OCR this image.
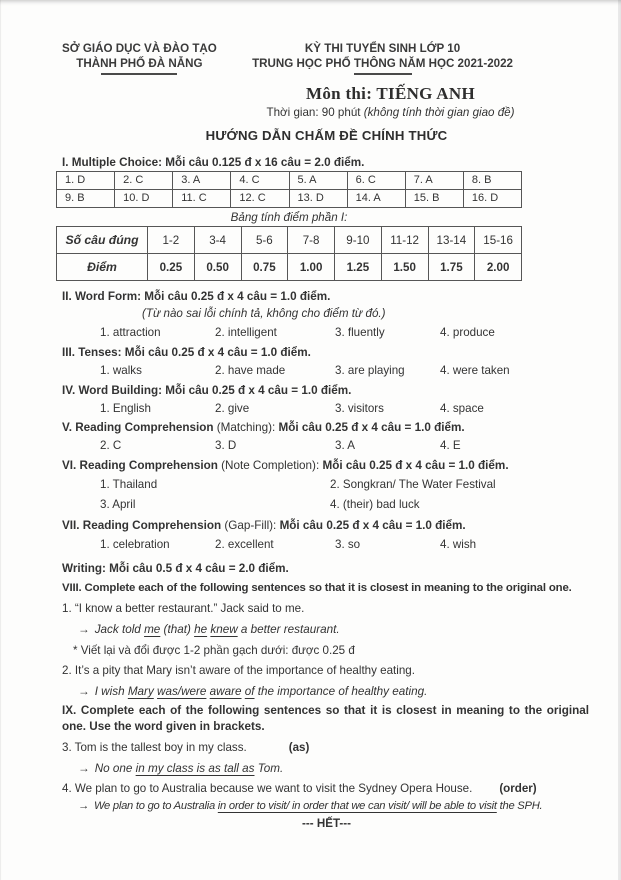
SỞ GIÁO DỤC VÀ ĐÀO TẠO
THÀNH PHỐ ĐÀ NẴNG
KỲ THI TUYỂN SINH LỚP 10
TRUNG HỌC PHỔ THÔNG NĂM HỌC 2021-2022
Môn thi: TIẾNG ANH
Thời gian: 90 phút (không tính thời gian giao đề)
HƯỚNG DẪN CHẤM ĐỀ CHÍNH THỨC

I. Multiple Choice: Mỗi câu 0.125 đ x 16 câu = 2.0 điểm.

1. D	2. C	3. A	4. C	5. A	6. C	7. A	8. B
9. B	10. D	11. C	12. C	13. D	14. A	15. B	16. D
Bảng tính điểm phần I:
Số câu đúng	1-2	3-4	5-6	7-8	9-10	11-12	13-14	15-16
Điểm	0.25	0.50	0.75	1.00	1.25	1.50	1.75	2.00

II. Word Form: Mỗi câu 0.25 đ x 4 câu = 1.0 điểm.

(Từ nào sai lỗi chính tả, không cho điểm từ đó.)

1. attraction	2. intelligent	3. fluently	4. produce

III. Tenses: Mỗi câu 0.25 đ x 4 câu = 1.0 điểm.

1. walks	2. have made	3. are playing	4. were taken

IV. Word Building: Mỗi câu 0.25 đ x 4 câu = 1.0 điểm.

1. English	2. give	3. visitors	4. space

V. Reading Comprehension (Matching): Mỗi câu 0.25 đ x 4 câu = 1.0 điểm.

2. C	3. D	3. A	4. E

VI. Reading Comprehension (Note Completion): Mỗi câu 0.25 đ x 4 câu = 1.0 điểm.

1. Thailand	2. Songkran/ The Water Festival
3. April	4. (their) bad luck

VII. Reading Comprehension (Gap-Fill): Mỗi câu 0.25 đ x 4 câu = 1.0 điểm.

1. celebration	2. excellent	3. so	4. wish

Writing: Mỗi câu 0.5 đ x 4 câu = 2.0 điểm.

VIII. Complete each of the following sentences so that it is closest in meaning to the original one.

1. “I know a better restaurant.” Jack said to me.

→ Jack told me (that) he knew a better restaurant.

* Viết lại và đổi được 1-2 phần gạch dưới: được 0.25 đ

2. It’s a pity that Mary isn’t aware of the importance of healthy eating.

→ I wish Mary was/were aware of the importance of healthy eating.

IX. Complete each of the following sentences so that it is closest in meaning to the original one. Use the word given in brackets.

3. Tom is the tallest boy in my class.	(as)

→ No one in my class is as tall as Tom.

4. We plan to go to Australia because we want to visit the Sydney Opera House. (order)

→ We plan to go to Australia in order to visit/ in order that we can visit/ will be able to visit the SPH.

--- HẾT---
